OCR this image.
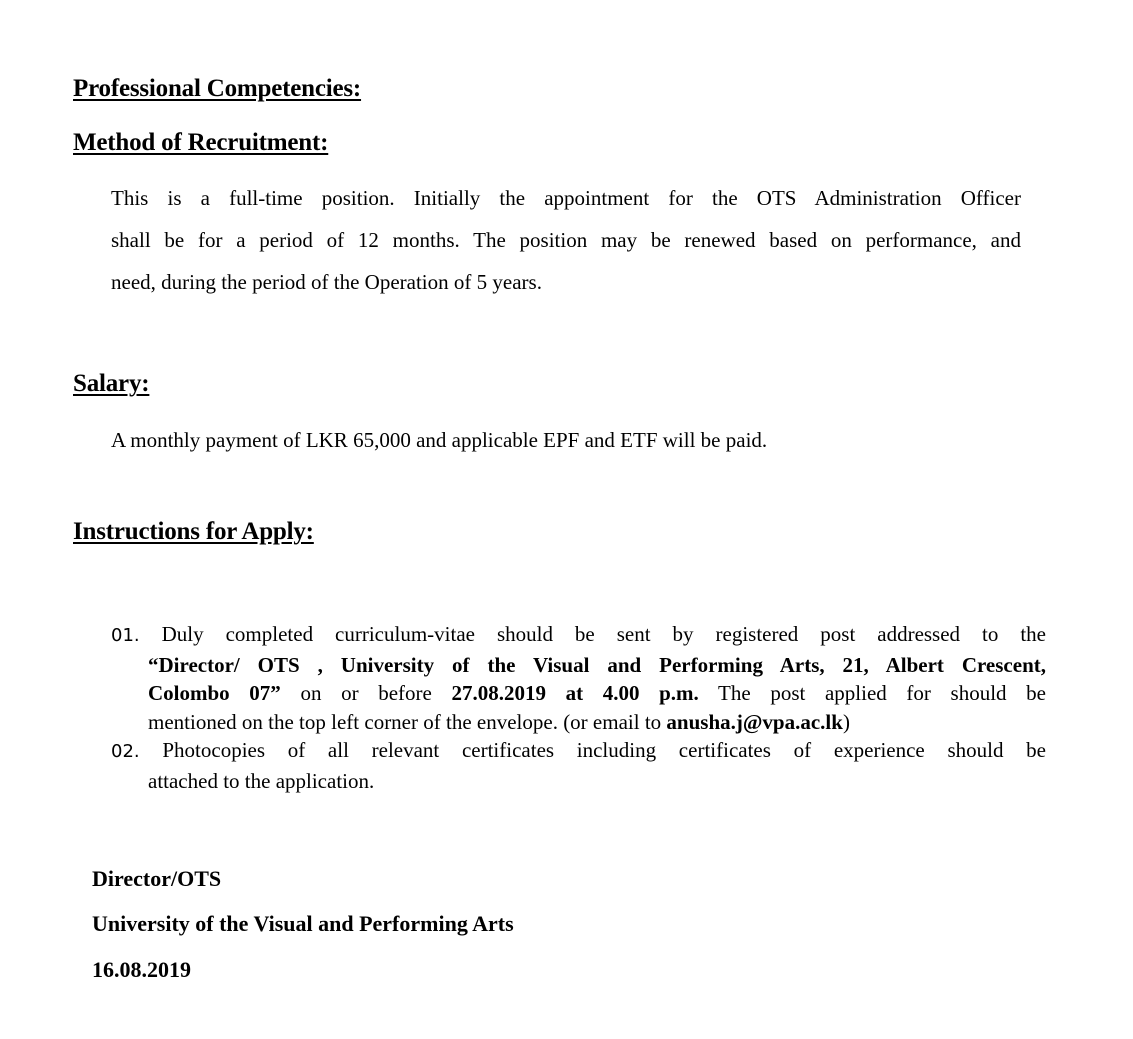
Professional Competencies:
Method of Recruitment:

This is a full-time position. Initially the appointment for the OTS Administration Officer
shall be for a period of 12 months. The position may be renewed based on performance, and
need, during the period of the Operation of 5 years.

Salary:

A monthly payment of LKR 65,000 and applicable EPF and ETF will be paid.

Instructions for Apply:
01. Duly completed curriculum-vitae should be sent by registered post addressed to the
“Director/ OTS , University of the Visual and Performing Arts, 21, Albert Crescent,
Colombo 07” on or before 27.08.2019 at 4.00 p.m. The post applied for should be
mentioned on the top left corner of the envelope. (or email to anusha.j@vpa.ac.lk)
02. Photocopies of all relevant certificates including certificates of experience should be
attached to the application.

Director/OTS

University of the Visual and Performing Arts

16.08.2019
